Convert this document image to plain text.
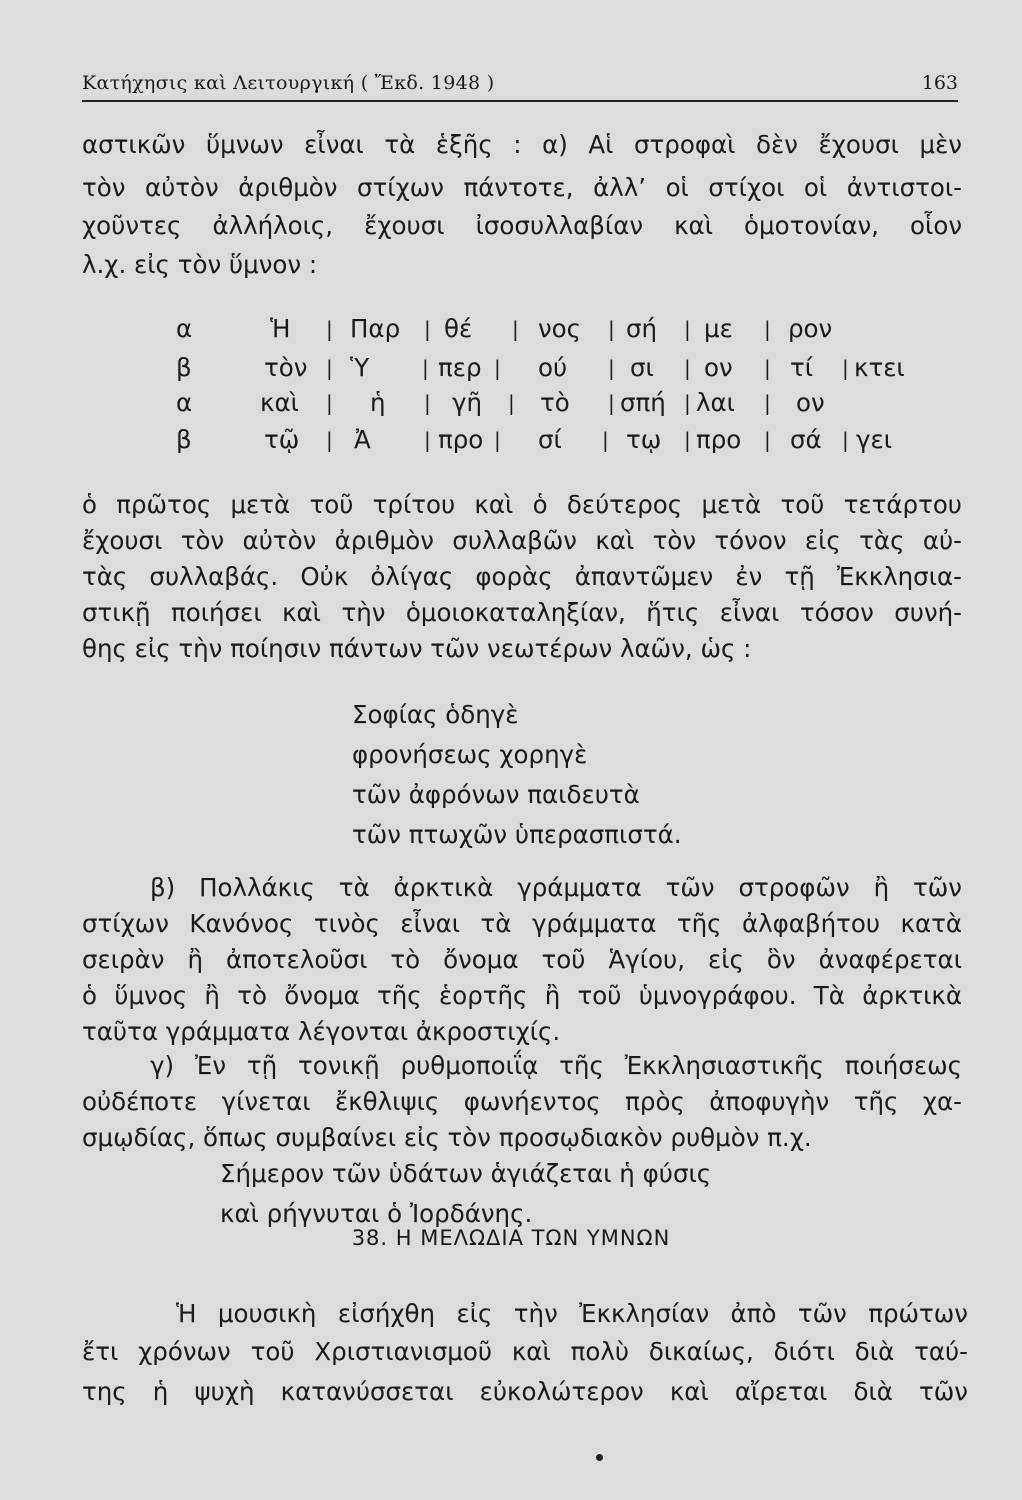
Κατήχησις καὶ Λειτουργική ( Ἔκδ. 1948 )	163
αστικῶν ὕμνων εἶναι τὰ ἑξῆς : α) Αἱ στροφαὶ δὲν ἔχουσι μὲν
τὸν αὐτὸν ἀριθμὸν στίχων πάντοτε, ἀλλ’ οἱ στίχοι οἱ ἀντιστοι-
χοῦντες ἀλλήλοις, ἔχουσι ἰσοσυλλαβίαν καὶ ὁμοτονίαν, οἷον
λ.χ. εἰς τὸν ὕμνον :
α	Ἡ | Παρ | θέ | νος | σή | με | ρον
β	τὸν | Ὑ	| περ | ού | σι | ον | τί | κτει
α	καὶ | ἡ | γῆ | τὸ | σπή | λαι | ον
β	τῷ | Ἀ	| προ | σί | τῳ | προ | σά | γει
ὁ πρῶτος μετὰ τοῦ τρίτου καὶ ὁ δεύτερος μετὰ τοῦ τετάρτου
ἔχουσι τὸν αὐτὸν ἀριθμὸν συλλαβῶν καὶ τὸν τόνον εἰς τὰς αὐ-
τὰς συλλαβάς. Οὐκ ὀλίγας φορὰς ἀπαντῶμεν ἐν τῇ Ἐκκλησια-
στικῇ ποιήσει καὶ τὴν ὁμοιοκαταληξίαν, ἥτις εἶναι τόσον συνή-
θης εἰς τὴν ποίησιν πάντων τῶν νεωτέρων λαῶν, ὡς :
Σοφίας ὁδηγὲ
φρονήσεως χορηγὲ
τῶν ἀφρόνων παιδευτὰ
τῶν πτωχῶν ὑπερασπιστά.
β) Πολλάκις τὰ ἀρκτικὰ γράμματα τῶν στροφῶν ἢ τῶν
στίχων Κανόνος τινὸς εἶναι τὰ γράμματα τῆς ἀλφαβήτου κατὰ
σειρὰν ἢ ἀποτελοῦσι τὸ ὄνομα τοῦ Ἁγίου, εἰς ὃν ἀναφέρεται
ὁ ὕμνος ἢ τὸ ὄνομα τῆς ἑορτῆς ἢ τοῦ ὑμνογράφου. Τὰ ἀρκτικὰ
ταῦτα γράμματα λέγονται ἀκροστιχίς.
γ) Ἐν τῇ τονικῇ ρυθμοποιΐᾳ τῆς Ἐκκλησιαστικῆς ποιήσεως
οὐδέποτε γίνεται ἔκθλιψις φωνήεντος πρὸς ἀποφυγὴν τῆς χα-
σμῳδίας, ὅπως συμβαίνει εἰς τὸν προσῳδιακὸν ρυθμὸν π.χ.
Σήμερον τῶν ὑδάτων ἁγιάζεται ἡ φύσις
καὶ ρήγνυται ὁ Ἰορδάνης.
38. Η ΜΕΛΩΔΙΑ ΤΩΝ ΥΜΝΩΝ
Ἡ μουσικὴ εἰσήχθη εἰς τὴν Ἐκκλησίαν ἀπὸ τῶν πρώτων
ἔτι χρόνων τοῦ Χριστιανισμοῦ καὶ πολὺ δικαίως, διότι διὰ ταύ-
της ἡ ψυχὴ κατανύσσεται εὐκολώτερον καὶ αἴρεται διὰ τῶν
